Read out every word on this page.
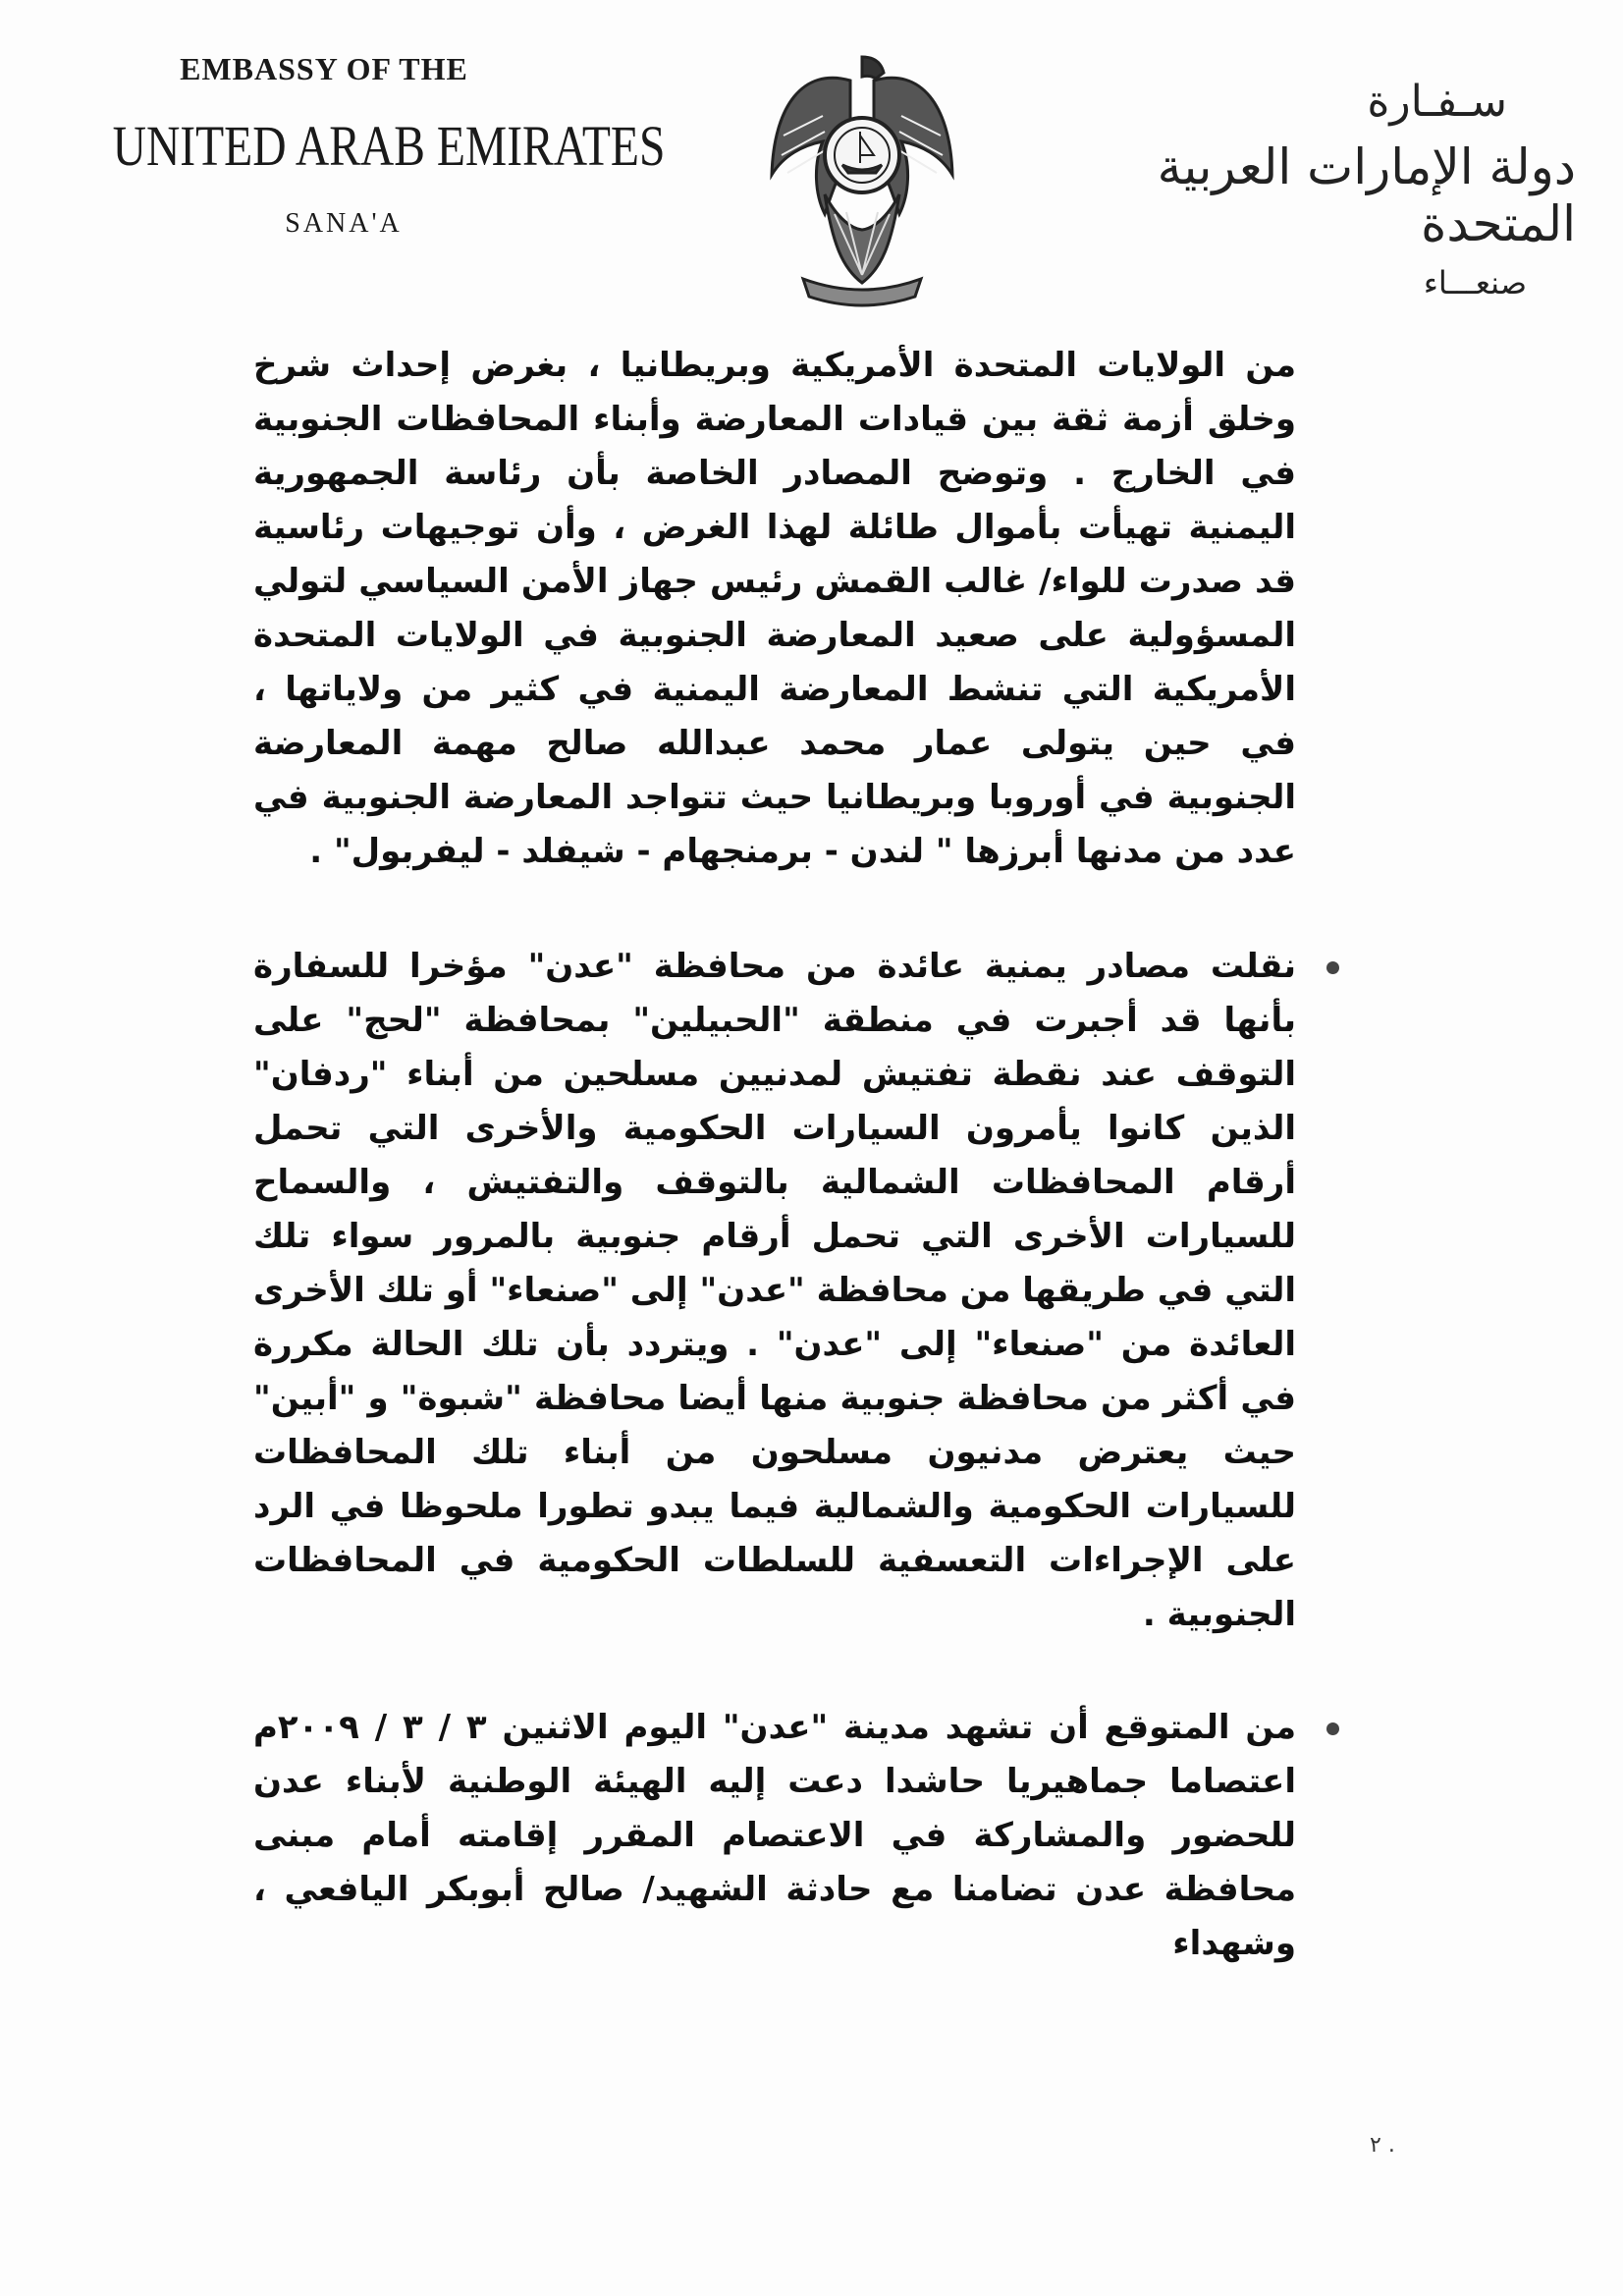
EMBASSY OF THE
UNITED ARAB EMIRATES
SANA'A
سـفـارة
دولة الإمارات العربية المتحدة
صنعـــاء

من الولايات المتحدة الأمريكية وبريطانيا ، بغرض إحداث شرخ وخلق أزمة ثقة بين قيادات المعارضة وأبناء المحافظات الجنوبية في الخارج . وتوضح المصادر الخاصة بأن رئاسة الجمهورية اليمنية تهيأت بأموال طائلة لهذا الغرض ، وأن توجيهات رئاسية قد صدرت للواء/ غالب القمش رئيس جهاز الأمن السياسي لتولي المسؤولية على صعيد المعارضة الجنوبية في الولايات المتحدة الأمريكية التي تنشط المعارضة اليمنية في كثير من ولاياتها ، في حين يتولى عمار محمد عبدالله صالح مهمة المعارضة الجنوبية في أوروبا وبريطانيا حيث تتواجد المعارضة الجنوبية في عدد من مدنها أبرزها " لندن - برمنجهام - شيفلد - ليفربول" .

نقلت مصادر يمنية عائدة من محافظة "عدن" مؤخرا للسفارة بأنها قد أجبرت في منطقة "الحبيلين" بمحافظة "لحج" على التوقف عند نقطة تفتيش لمدنيين مسلحين من أبناء "ردفان" الذين كانوا يأمرون السيارات الحكومية والأخرى التي تحمل أرقام المحافظات الشمالية بالتوقف والتفتيش ، والسماح للسيارات الأخرى التي تحمل أرقام جنوبية بالمرور سواء تلك التي في طريقها من محافظة "عدن" إلى "صنعاء" أو تلك الأخرى العائدة من "صنعاء" إلى "عدن" . ويتردد بأن تلك الحالة مكررة في أكثر من محافظة جنوبية منها أيضا محافظة "شبوة" و "أبين" حيث يعترض مدنيون مسلحون من أبناء تلك المحافظات للسيارات الحكومية والشمالية فيما يبدو تطورا ملحوظا في الرد على الإجراءات التعسفية للسلطات الحكومية في المحافظات الجنوبية .
من المتوقع أن تشهد مدينة "عدن" اليوم الاثنين ٣ / ٣ / ٢٠٠٩م اعتصاما جماهيريا حاشدا دعت إليه الهيئة الوطنية لأبناء عدن للحضور والمشاركة في الاعتصام المقرر إقامته أمام مبنى محافظة عدن تضامنا مع حادثة الشهيد/ صالح أبوبكر اليافعي ، وشهداء
٢ .
